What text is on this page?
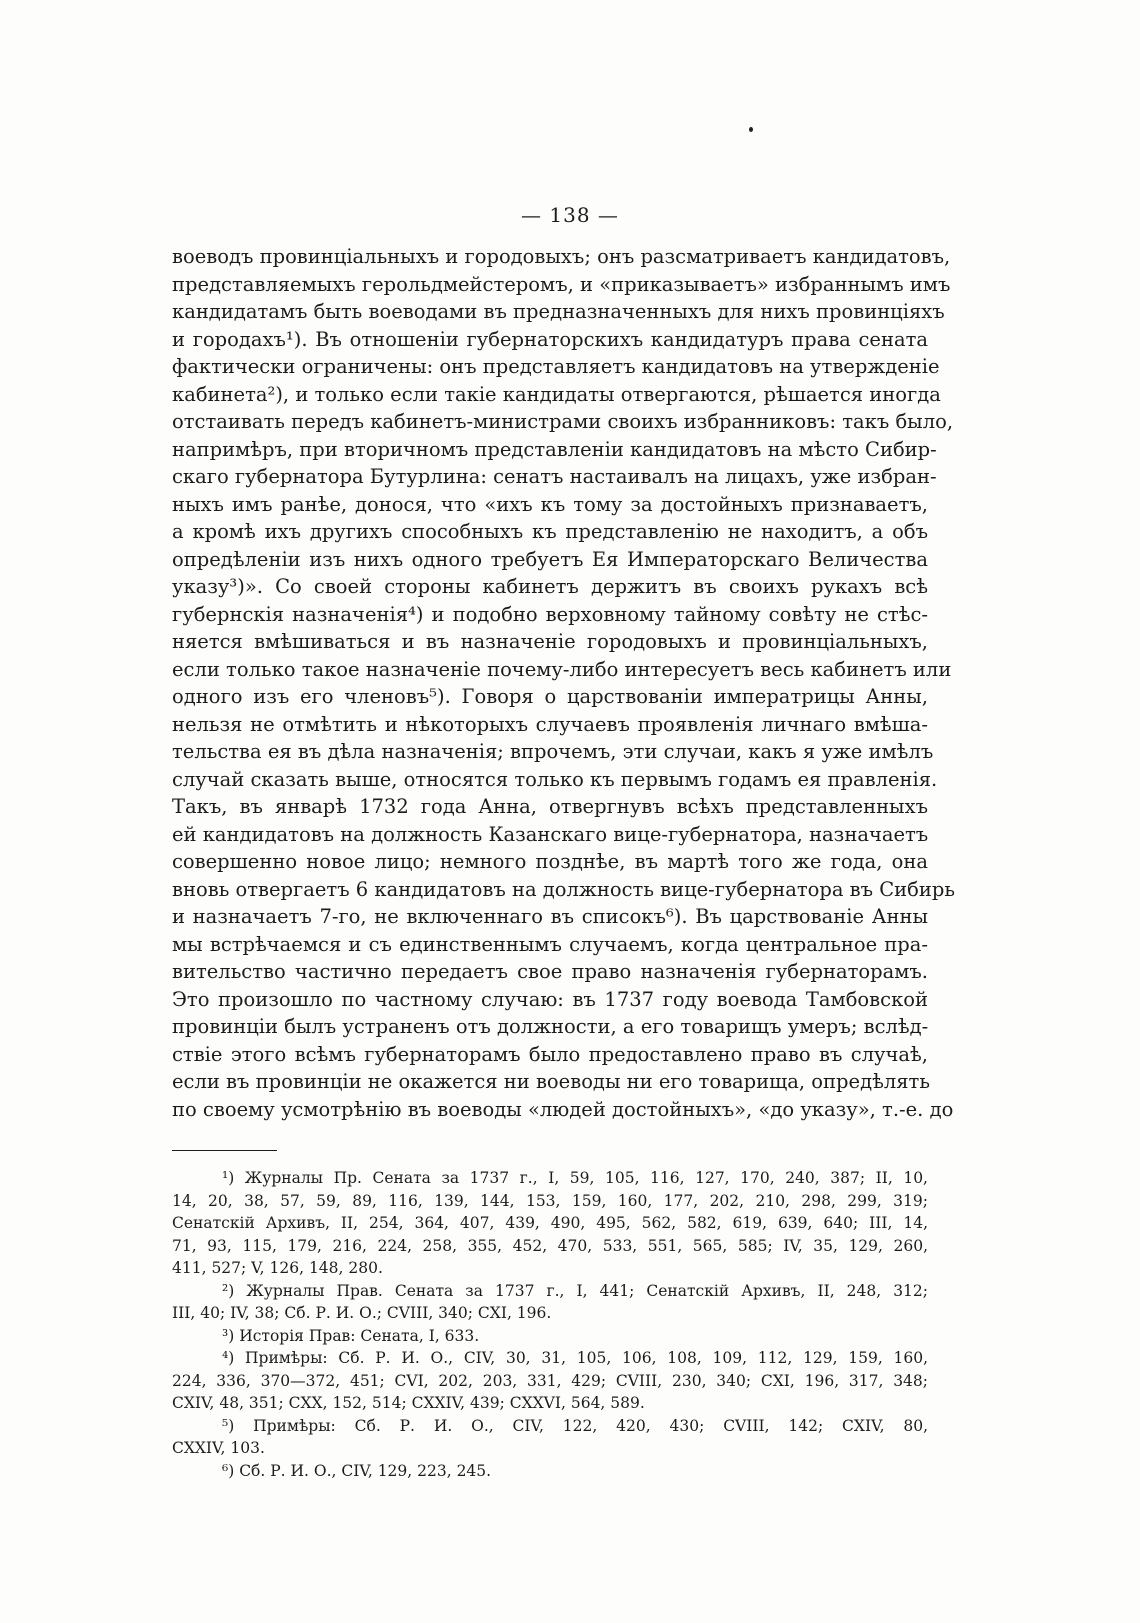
— 138 —
воеводъ провинцiальныхъ и городовыхъ; онъ разсматриваетъ кандидатовъ,
представляемыхъ герольдмейстеромъ, и «приказываетъ» избраннымъ имъ
кандидатамъ быть воеводами въ предназначенныхъ для нихъ провинцiяхъ
и городахъ¹). Въ отношенiи губернаторскихъ кандидатуръ права сената
фактически ограничены: онъ представляетъ кандидатовъ на утвержденiе
кабинета²), и только если такiе кандидаты отвергаются, рѣшается иногда
отстаивать передъ кабинетъ-министрами своихъ избранниковъ: такъ было,
напримѣръ, при вторичномъ представленiи кандидатовъ на мѣсто Сибир-
скаго губернатора Бутурлина: сенатъ настаивалъ на лицахъ, уже избран-
ныхъ имъ ранѣе, донося, что «ихъ къ тому за достойныхъ признаваетъ,
а кромѣ ихъ другихъ способныхъ къ представленiю не находитъ, а объ
опредѣленiи изъ нихъ одного требуетъ Ея Императорскаго Величества
указу³)». Со своей стороны кабинетъ держитъ въ своихъ рукахъ всѣ
губернскiя назначенiя⁴) и подобно верховному тайному совѣту не стѣс-
няется вмѣшиваться и въ назначенiе городовыхъ и провинцiальныхъ,
если только такое назначенiе почему-либо интересуетъ весь кабинетъ или
одного изъ его членовъ⁵). Говоря о царствованiи императрицы Анны,
нельзя не отмѣтить и нѣкоторыхъ случаевъ проявленiя личнаго вмѣша-
тельства ея въ дѣла назначенiя; впрочемъ, эти случаи, какъ я уже имѣлъ
случай сказать выше, относятся только къ первымъ годамъ ея правленiя.
Такъ, въ январѣ 1732 года Анна, отвергнувъ всѣхъ представленныхъ
ей кандидатовъ на должность Казанскаго вице-губернатора, назначаетъ
совершенно новое лицо; немного позднѣе, въ мартѣ того же года, она
вновь отвергаетъ 6 кандидатовъ на должность вице-губернатора въ Сибирь
и назначаетъ 7-го, не включеннаго въ списокъ⁶). Въ царствованiе Анны
мы встрѣчаемся и съ единственнымъ случаемъ, когда центральное пра-
вительство частично передаетъ свое право назначенiя губернаторамъ.
Это произошло по частному случаю: въ 1737 году воевода Тамбовской
провинцiи былъ устраненъ отъ должности, а его товарищъ умеръ; вслѣд-
ствiе этого всѣмъ губернаторамъ было предоставлено право въ случаѣ,
если въ провинцiи не окажется ни воеводы ни его товарища, опредѣлять
по своему усмотрѣнiю въ воеводы «людей достойныхъ», «до указу», т.-е. до
¹) Журналы Пр. Сената за 1737 г., I, 59, 105, 116, 127, 170, 240, 387; II, 10,
14, 20, 38, 57, 59, 89, 116, 139, 144, 153, 159, 160, 177, 202, 210, 298, 299, 319;
Сенатскiй Архивъ, II, 254, 364, 407, 439, 490, 495, 562, 582, 619, 639, 640; III, 14,
71, 93, 115, 179, 216, 224, 258, 355, 452, 470, 533, 551, 565, 585; IV, 35, 129, 260,
411, 527; V, 126, 148, 280.
²) Журналы Прав. Сената за 1737 г., I, 441; Сенатскiй Архивъ, II, 248, 312;
III, 40; IV, 38; Сб. Р. И. О.; CVIII, 340; CXI, 196.
³) Исторiя Прав: Сената, I, 633.
⁴) Примѣры: Сб. Р. И. О., CIV, 30, 31, 105, 106, 108, 109, 112, 129, 159, 160,
224, 336, 370—372, 451; CVI, 202, 203, 331, 429; CVIII, 230, 340; CXI, 196, 317, 348;
CXIV, 48, 351; CXX, 152, 514; CXXIV, 439; CXXVI, 564, 589.
⁵) Примѣры: Сб. Р. И. О., CIV, 122, 420, 430; CVIII, 142; CXIV, 80,
CXXIV, 103.
⁶) Сб. Р. И. О., CIV, 129, 223, 245.
